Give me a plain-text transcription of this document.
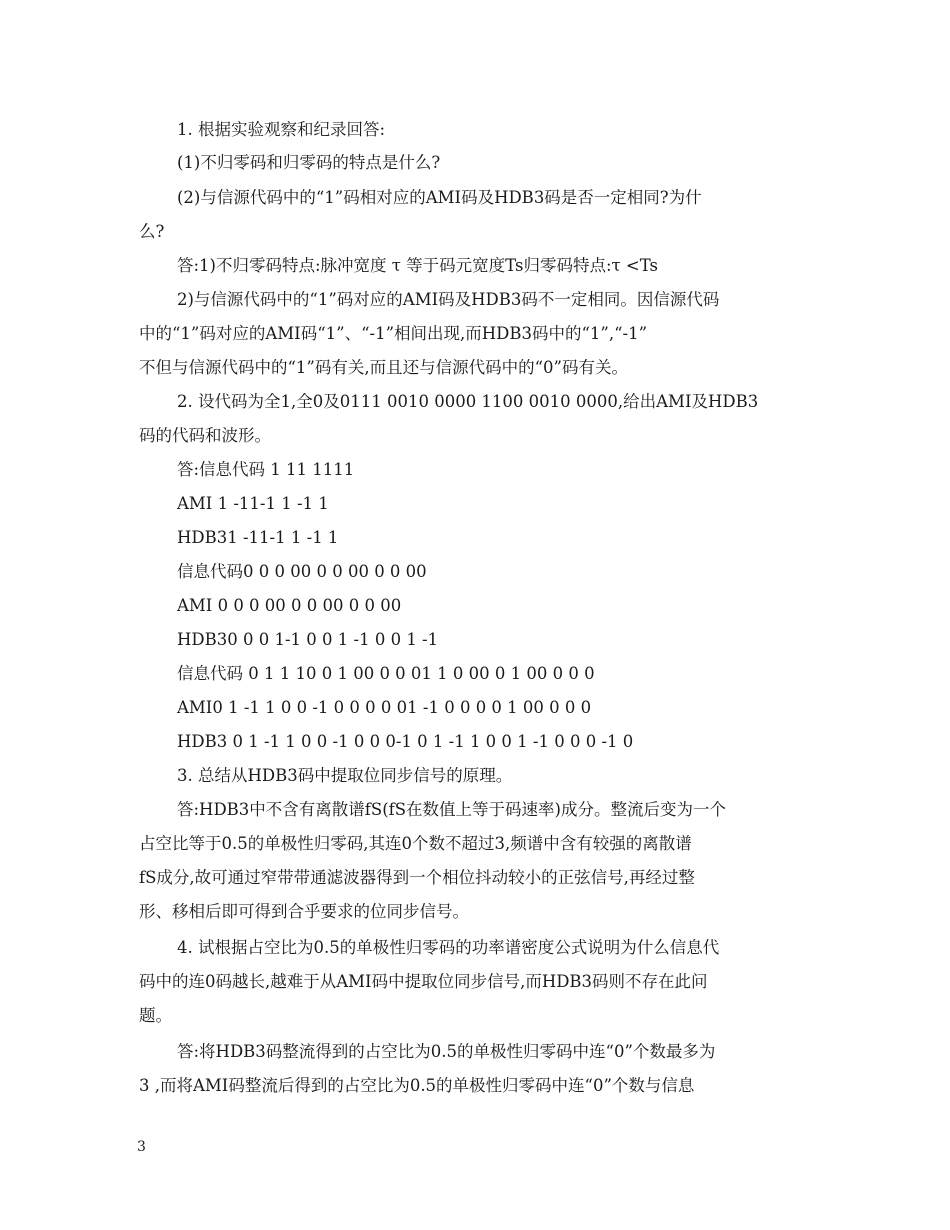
1. 根据实验观察和纪录回答:

(1)不归零码和归零码的特点是什么?

(2)与信源代码中的“1”码相对应的AMI码及HDB3码是否一定相同?为什

么?

答:1)不归零码特点:脉冲宽度 τ 等于码元宽度Ts归零码特点:τ <Ts

2)与信源代码中的“1”码对应的AMI码及HDB3码不一定相同。因信源代码

中的“1”码对应的AMI码“1”、“-1”相间出现,而HDB3码中的“1”,“-1”

不但与信源代码中的“1”码有关,而且还与信源代码中的“0”码有关。

2. 设代码为全1,全0及0111 0010 0000 1100 0010 0000,给出AMI及HDB3

码的代码和波形。

答:信息代码 1 11 1111

AMI 1 -11-1 1 -1 1

HDB31 -11-1 1 -1 1

信息代码0 0 0 00 0 0 00 0 0 00

AMI 0 0 0 00 0 0 00 0 0 00

HDB30 0 0 1-1 0 0 1 -1 0 0 1 -1

信息代码 0 1 1 10 0 1 00 0 0 01 1 0 00 0 1 00 0 0 0

AMI0 1 -1 1 0 0 -1 0 0 0 0 01 -1 0 0 0 0 1 00 0 0 0

HDB3 0 1 -1 1 0 0 -1 0 0 0-1 0 1 -1 1 0 0 1 -1 0 0 0 -1 0

3. 总结从HDB3码中提取位同步信号的原理。

答:HDB3中不含有离散谱fS(fS在数值上等于码速率)成分。整流后变为一个

占空比等于0.5的单极性归零码,其连0个数不超过3,频谱中含有较强的离散谱

fS成分,故可通过窄带带通滤波器得到一个相位抖动较小的正弦信号,再经过整

形、移相后即可得到合乎要求的位同步信号。

4. 试根据占空比为0.5的单极性归零码的功率谱密度公式说明为什么信息代

码中的连0码越长,越难于从AMI码中提取位同步信号,而HDB3码则不存在此问

题。

答:将HDB3码整流得到的占空比为0.5的单极性归零码中连“0”个数最多为

3 ,而将AMI码整流后得到的占空比为0.5的单极性归零码中连“0”个数与信息

3
